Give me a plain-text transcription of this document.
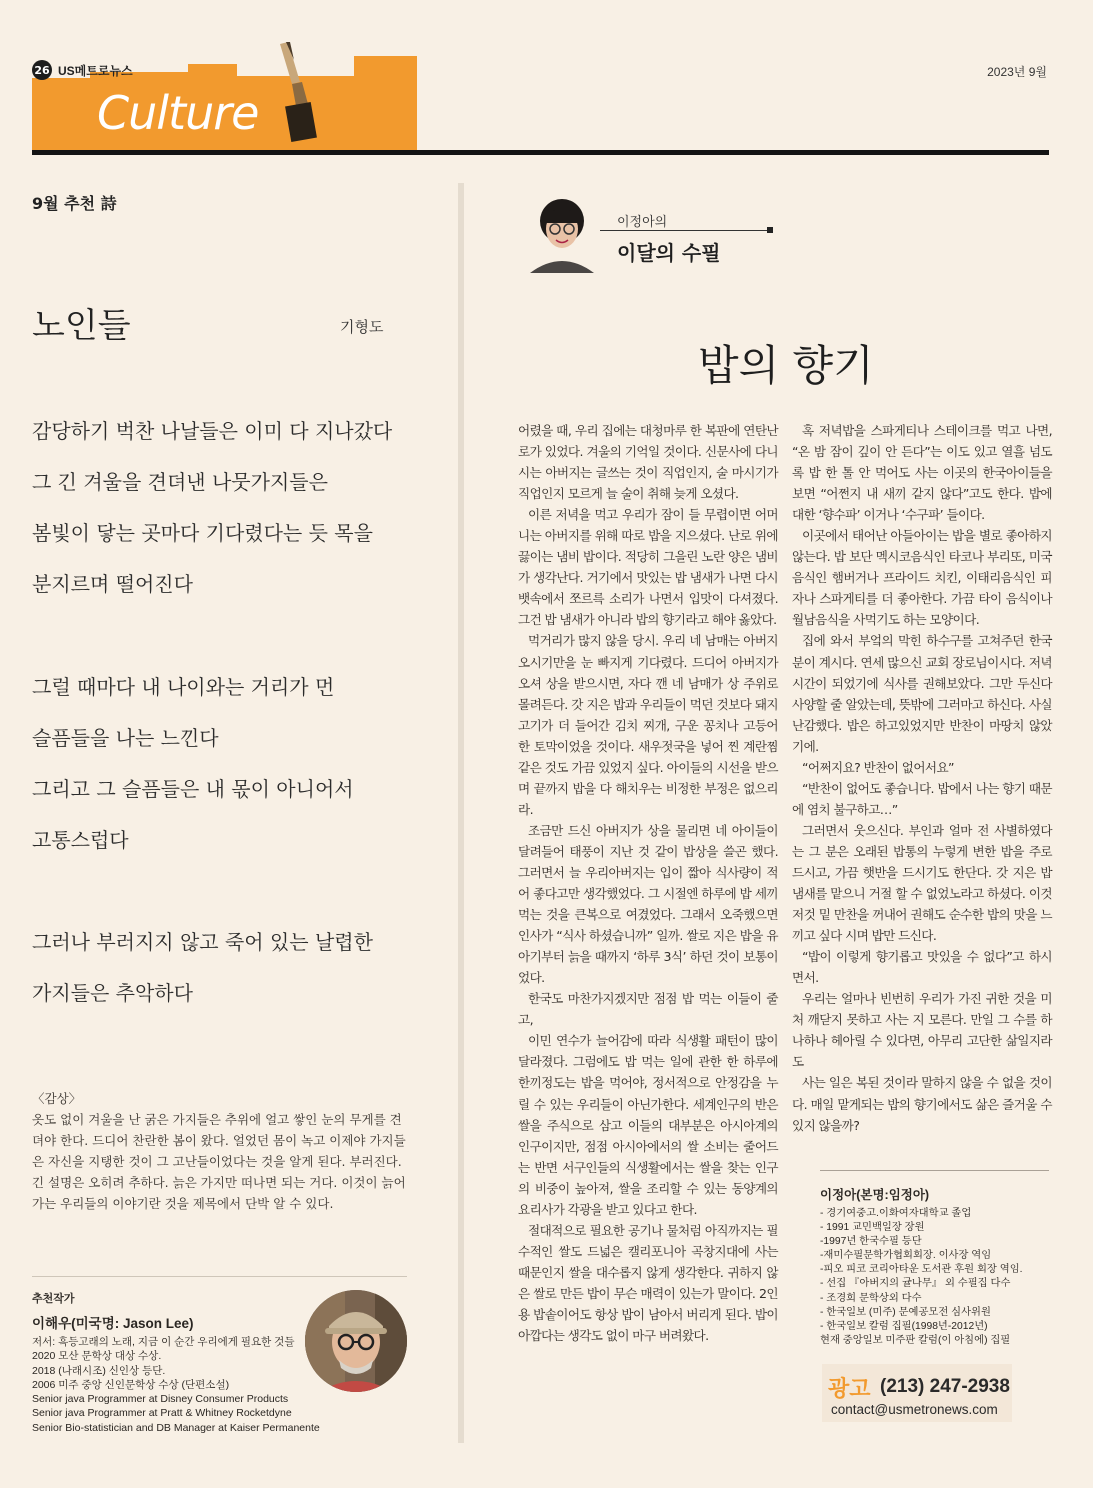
Culture
26 US메트로뉴스	2023년 9월
9월 추천 詩
노인들	기형도
감당하기 벅찬 나날들은 이미 다 지나갔다
그 긴 겨울을 견뎌낸 나뭇가지들은
봄빛이 닿는 곳마다 기다렸다는 듯 목을
분지르며 떨어진다
그럴 때마다 내 나이와는 거리가 먼
슬픔들을 나는 느낀다
그리고 그 슬픔들은 내 몫이 아니어서
고통스럽다
그러나 부러지지 않고 죽어 있는 날렵한
가지들은 추악하다
〈감상〉
옷도 없이 겨울을 난 굵은 가지들은 추위에 얼고 쌓인 눈의 무게를 견뎌야 한다. 드디어 찬란한 봄이 왔다. 얼었던 몸이 녹고 이제야 가지들은 자신을 지탱한 것이 그 고난들이었다는 것을 알게 된다. 부러진다. 긴 설명은 오히려 추하다. 늙은 가지만 떠나면 되는 거다. 이것이 늙어가는 우리들의 이야기란 것을 제목에서 단박 알 수 있다.
추천작가
이해우(미국명: Jason Lee)
저서: 흑등고래의 노래, 지금 이 순간 우리에게 필요한 것들
2020 모산 문학상 대상 수상.
2018 (나래시조) 신인상 등단.
2006 미주 중앙 신인문학상 수상 (단편소설)
Senior java Programmer at Disney Consumer Products
Senior java Programmer at Pratt & Whitney Rocketdyne
Senior Bio-statistician and DB Manager at Kaiser Permanente
이정아의
이달의 수필
밥의 향기

어렸을 때, 우리 집에는 대청마루 한 복판에 연탄난로가 있었다. 겨울의 기억일 것이다. 신문사에 다니시는 아버지는 글쓰는 것이 직업인지, 술 마시기가 직업인지 모르게 늘 술이 취해 늦게 오셨다.

이른 저녁을 먹고 우리가 잠이 들 무렵이면 어머니는 아버지를 위해 따로 밥을 지으셨다. 난로 위에 끓이는 냄비 밥이다. 적당히 그을린 노란 양은 냄비가 생각난다. 거기에서 맛있는 밥 냄새가 나면 다시 뱃속에서 쪼르륵 소리가 나면서 입맛이 다셔졌다. 그건 밥 냄새가 아니라 밥의 향기라고 해야 옳았다.

먹거리가 많지 않을 당시. 우리 네 남매는 아버지오시기만을 눈 빠지게 기다렸다. 드디어 아버지가 오셔 상을 받으시면, 자다 깬 네 남매가 상 주위로 몰려든다. 갓 지은 밥과 우리들이 먹던 것보다 돼지고기가 더 들어간 김치 찌개, 구운 꽁치나 고등어 한 토막이었을 것이다. 새우젓국을 넣어 찐 계란찜 같은 것도 가끔 있었지 싶다. 아이들의 시선을 받으며 끝까지 밥을 다 해치우는 비정한 부정은 없으리라.

조금만 드신 아버지가 상을 물리면 네 아이들이 달려들어 태풍이 지난 것 같이 밥상을 쓸곤 했다. 그러면서 늘 우리아버지는 입이 짧아 식사량이 적어 좋다고만 생각했었다. 그 시절엔 하루에 밥 세끼 먹는 것을 큰복으로 여겼었다. 그래서 오죽했으면 인사가 “식사 하셨습니까” 일까. 쌀로 지은 밥을 유아기부터 늙을 때까지 ‘하루 3식’ 하던 것이 보통이었다.

한국도 마찬가지겠지만 점점 밥 먹는 이들이 줄고,

이민 연수가 늘어감에 따라 식생활 패턴이 많이 달라졌다. 그럼에도 밥 먹는 일에 관한 한 하루에 한끼정도는 밥을 먹어야, 정서적으로 안정감을 누릴 수 있는 우리들이 아닌가한다. 세계인구의 반은 쌀을 주식으로 삼고 이들의 대부분은 아시아계의 인구이지만, 점점 아시아에서의 쌀 소비는 줄어드는 반면 서구인들의 식생활에서는 쌀을 찾는 인구의 비중이 높아져, 쌀을 조리할 수 있는 동양계의 요리사가 각광을 받고 있다고 한다.

절대적으로 필요한 공기나 물처럼 아직까지는 필수적인 쌀도 드넓은 캘리포니아 곡창지대에 사는 때문인지 쌀을 대수롭지 않게 생각한다. 귀하지 않은 쌀로 만든 밥이 무슨 매력이 있는가 말이다. 2인용 밥솥이어도 항상 밥이 남아서 버리게 된다. 밥이 아깝다는 생각도 없이 마구 버려왔다.

혹 저녁밥을 스파게티나 스테이크를 먹고 나면, “온 밤 잠이 깊이 안 든다”는 이도 있고 열흘 넘도록 밥 한 톨 안 먹어도 사는 이곳의 한국아이들을 보면 “어쩐지 내 새끼 같지 않다”고도 한다. 밥에 대한 ‘향수파’ 이거나 ‘수구파’ 들이다.

이곳에서 태어난 아들아이는 밥을 별로 좋아하지 않는다. 밥 보단 멕시코음식인 타코나 부리또, 미국음식인 햄버거나 프라이드 치킨, 이태리음식인 피자나 스파게티를 더 좋아한다. 가끔 타이 음식이나 월남음식을 사먹기도 하는 모양이다.

집에 와서 부엌의 막힌 하수구를 고쳐주던 한국분이 계시다. 연세 많으신 교회 장로님이시다. 저녁시간이 되었기에 식사를 권해보았다. 그만 두신다 사양할 줄 알았는데, 뜻밖에 그러마고 하신다. 사실 난감했다. 밥은 하고있었지만 반찬이 마땅치 않았기에.

“어쩌지요? 반찬이 없어서요”

“반찬이 없어도 좋습니다. 밥에서 나는 향기 때문에 염치 불구하고…”

그러면서 웃으신다. 부인과 얼마 전 사별하였다는 그 분은 오래된 밥통의 누렇게 변한 밥을 주로 드시고, 가끔 햇반을 드시기도 한단다. 갓 지은 밥 냄새를 맡으니 거절 할 수 없었노라고 하셨다. 이것저것 밑 만찬을 꺼내어 권해도 순수한 밥의 맛을 느끼고 싶다 시며 밥만 드신다.

“밥이 이렇게 향기롭고 맛있을 수 없다”고 하시면서.

우리는 얼마나 빈번히 우리가 가진 귀한 것을 미처 깨닫지 못하고 사는 지 모른다. 만일 그 수를 하나하나 헤아릴 수 있다면, 아무리 고단한 삶일지라도

사는 일은 복된 것이라 말하지 않을 수 없을 것이다. 매일 맡게되는 밥의 향기에서도 삶은 즐거울 수 있지 않을까?

이정아(본명:임정아)
- 경기여중고.이화여자대학교 졸업
- 1991 교민백일장 장원
-1997년 한국수필 등단
-재미수필문학가협회회장. 이사장 역임
-피오 피코 코리아타운 도서관 후원 회장 역임.
- 선집 『아버지의 귤나무』 외 수필집 다수
- 조경희 문학상외 다수
- 한국일보 (미주) 문예공모전 심사위원
- 한국일보 칼럼 집필(1998년-2012년)
현재 중앙일보 미주판 칼럼(이 아침에) 집필
광고 (213) 247-2938
contact@usmetronews.com
